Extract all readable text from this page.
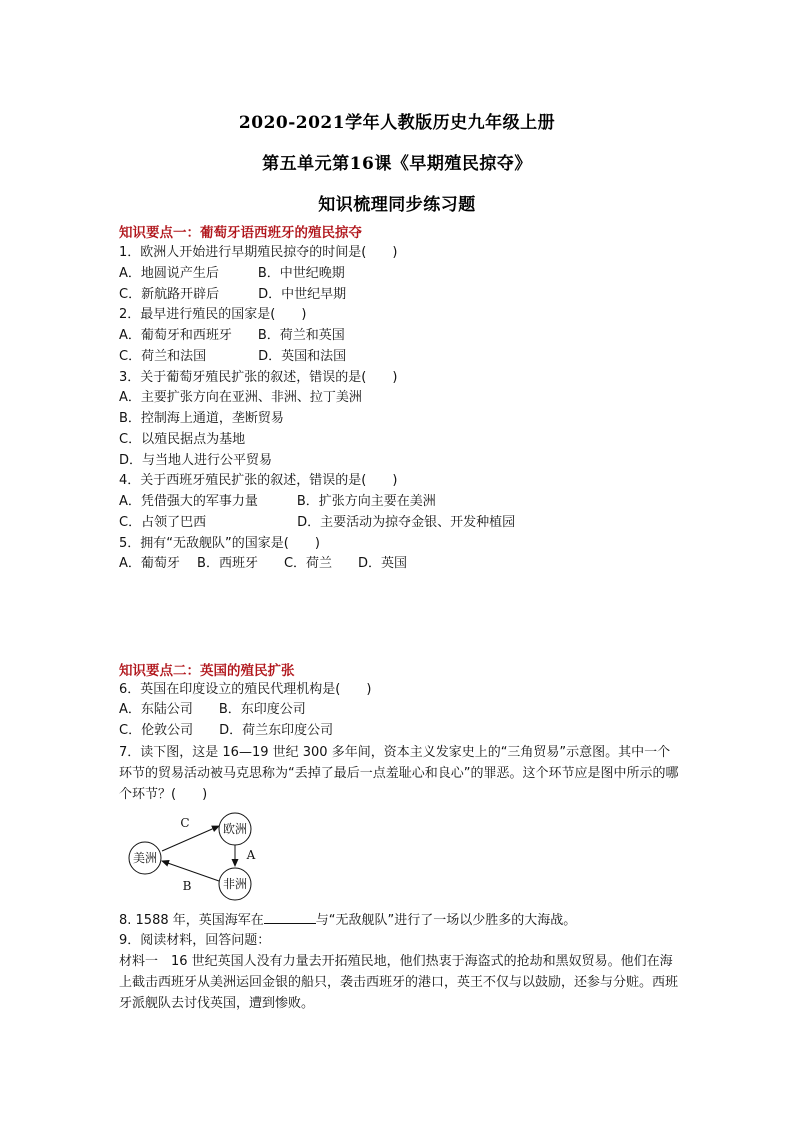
2020-2021学年人教版历史九年级上册
第五单元第16课《早期殖民掠夺》
知识梳理同步练习题
知识要点一：葡萄牙语西班牙的殖民掠夺
1．欧洲人开始进行早期殖民掠夺的时间是(　　)
A．地圆说产生后　　　B．中世纪晚期
C．新航路开辟后　　　D．中世纪早期
2．最早进行殖民的国家是(　　)
A．葡萄牙和西班牙　　B．荷兰和英国
C．荷兰和法国　　　　D．英国和法国
3．关于葡萄牙殖民扩张的叙述，错误的是(　　)
A．主要扩张方向在亚洲、非洲、拉丁美洲
B．控制海上通道，垄断贸易
C．以殖民据点为基地
D．与当地人进行公平贸易
4．关于西班牙殖民扩张的叙述，错误的是(　　)
A．凭借强大的军事力量　　　B．扩张方向主要在美洲
C．占领了巴西　　　　　　　D．主要活动为掠夺金银、开发种植园
5．拥有“无敌舰队”的国家是(　　)
A．葡萄牙　 B．西班牙　　C．荷兰　　D．英国
知识要点二：英国的殖民扩张
6．英国在印度设立的殖民代理机构是(　　)
A．东陆公司　　B．东印度公司
C．伦敦公司　　D．荷兰东印度公司
7．读下图，这是 16—19 世纪 300 多年间，资本主义发家史上的“三角贸易”示意图。其中一个环节的贸易活动被马克思称为“丢掉了最后一点羞耻心和良心”的罪恶。这个环节应是图中所示的哪个环节？(　　)
欧洲
美洲
非洲
C
A
B
8. 1588 年，英国海军在	与“无敌舰队”进行了一场以少胜多的大海战。
9．阅读材料，回答问题：
材料一　16 世纪英国人没有力量去开拓殖民地，他们热衷于海盗式的抢劫和黑奴贸易。他们在海上截击西班牙从美洲运回金银的船只，袭击西班牙的港口，英王不仅与以鼓励，还参与分赃。西班牙派舰队去讨伐英国，遭到惨败。
